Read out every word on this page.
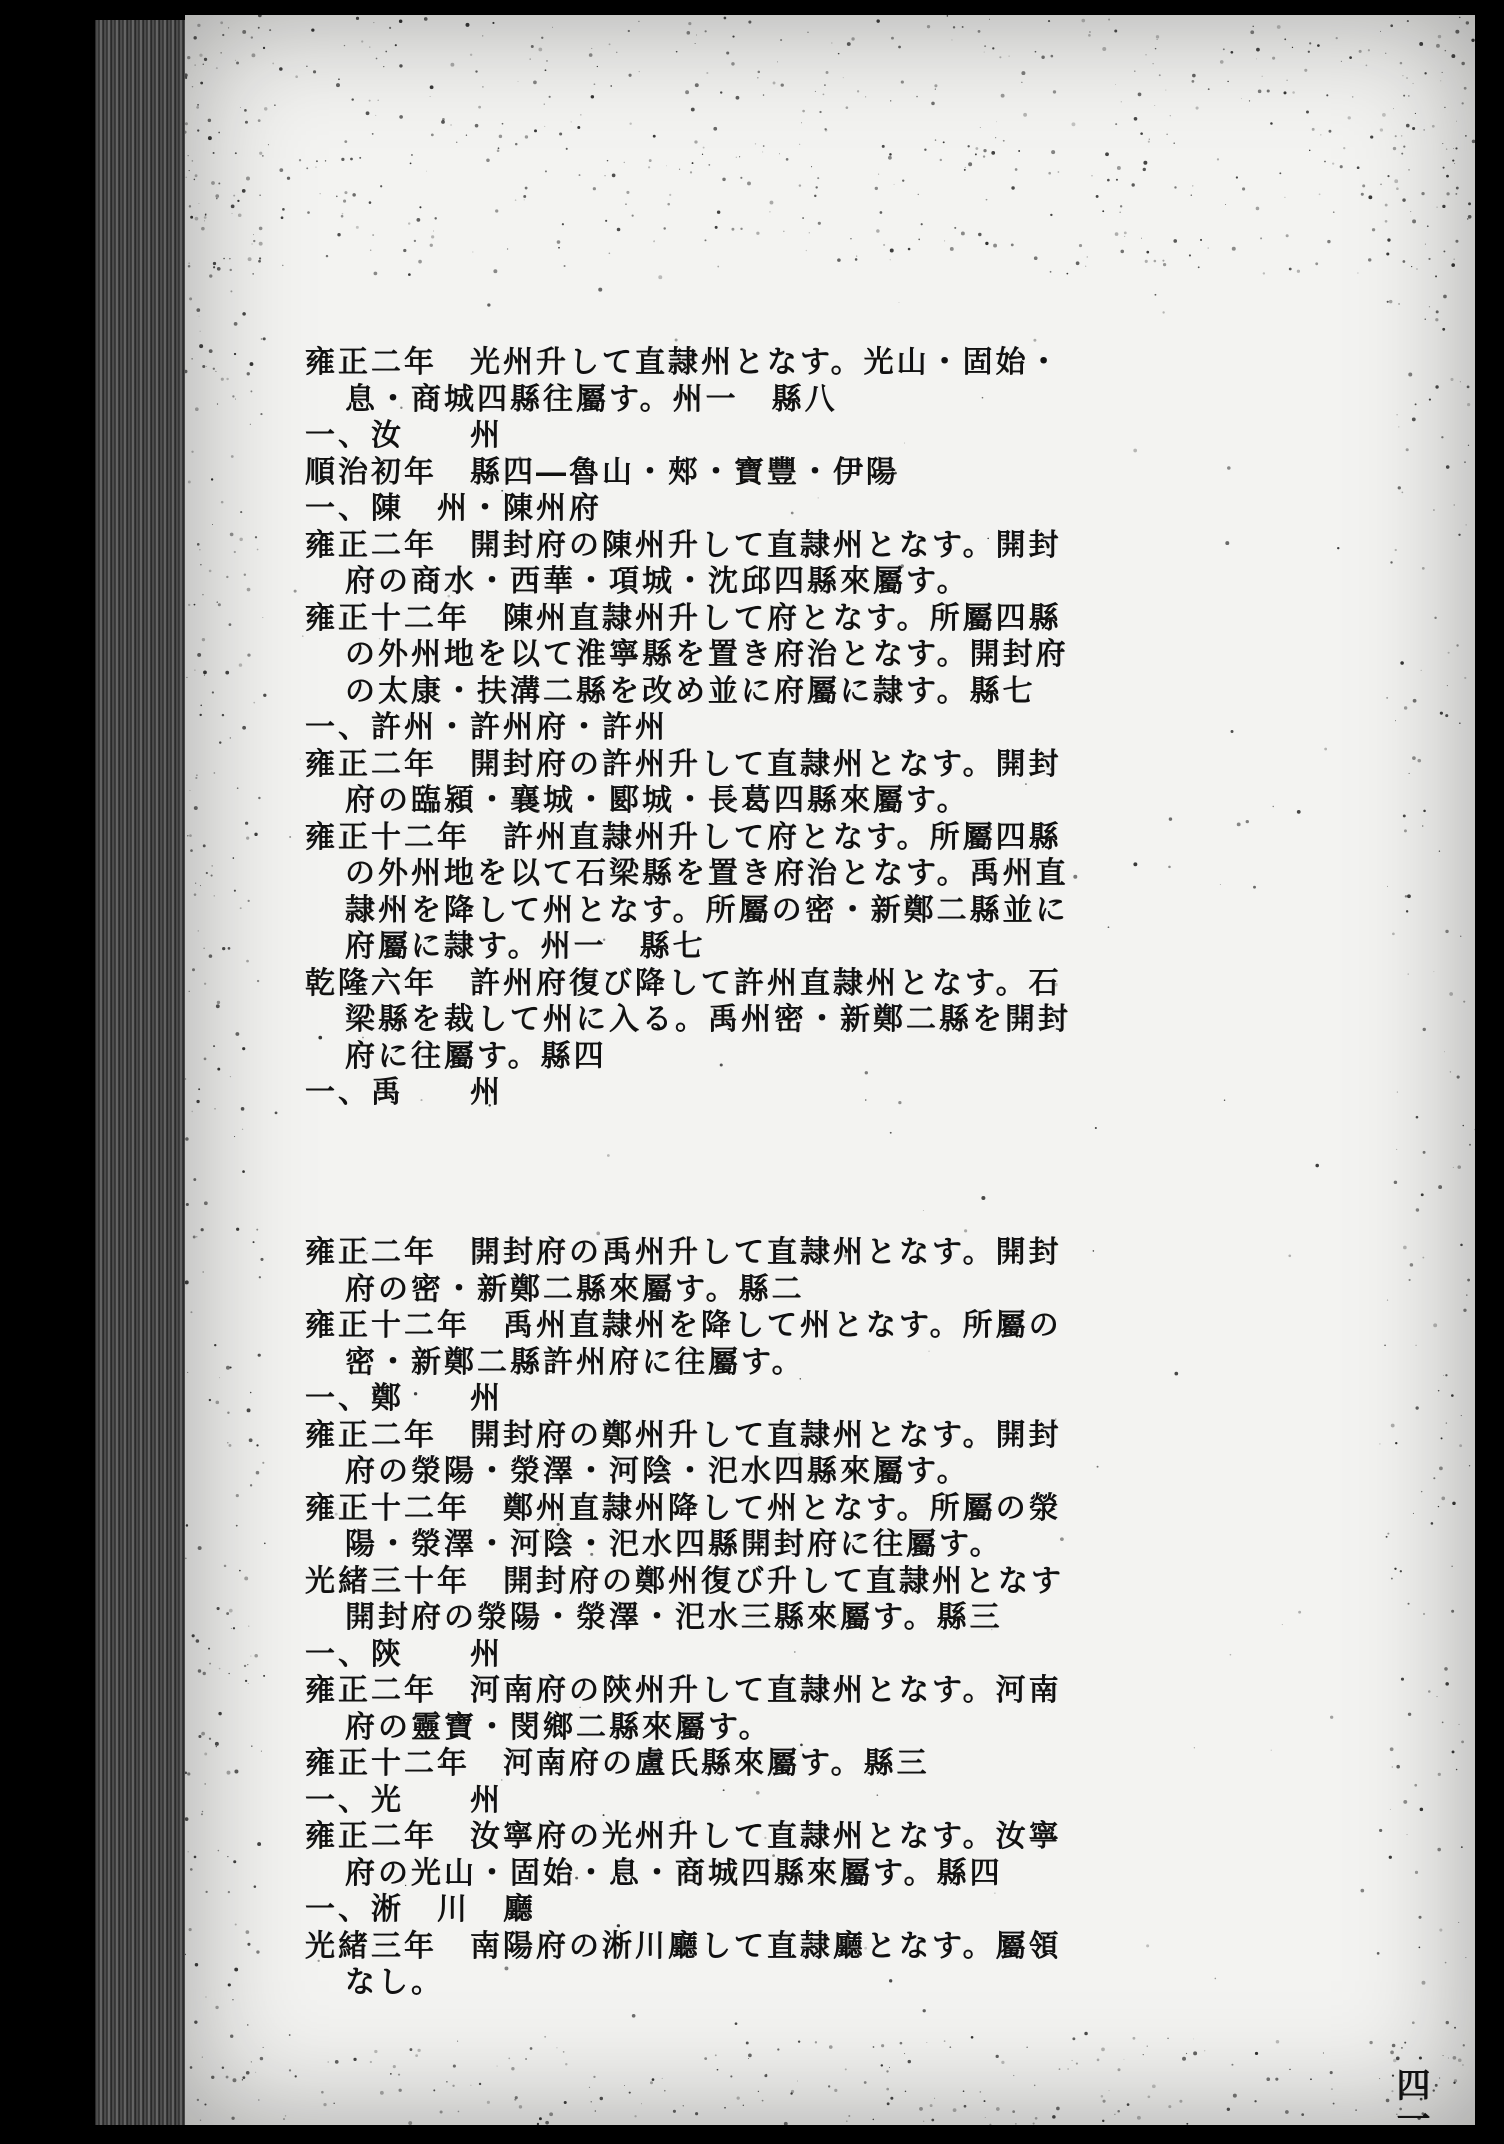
雍正二年　光州升して直隷州となす。光山・固始・
息・商城四縣往屬す。州一　縣八
一、汝　　州
順治初年　縣四―魯山・郟・寶豐・伊陽
一、陳　州・陳州府
雍正二年　開封府の陳州升して直隷州となす。開封
府の商水・西華・項城・沈邱四縣來屬す。
雍正十二年　陳州直隷州升して府となす。所屬四縣
の外州地を以て淮寧縣を置き府治となす。開封府
の太康・扶溝二縣を改め並に府屬に隷す。縣七
一、許州・許州府・許州
雍正二年　開封府の許州升して直隷州となす。開封
府の臨潁・襄城・郾城・長葛四縣來屬す。
雍正十二年　許州直隷州升して府となす。所屬四縣
の外州地を以て石梁縣を置き府治となす。禹州直
隷州を降して州となす。所屬の密・新鄭二縣並に
府屬に隷す。州一　縣七
乾隆六年　許州府復び降して許州直隷州となす。石
梁縣を裁して州に入る。禹州密・新鄭二縣を開封
府に往屬す。縣四
一、禹　　州
雍正二年　開封府の禹州升して直隷州となす。開封
府の密・新鄭二縣來屬す。縣二
雍正十二年　禹州直隷州を降して州となす。所屬の
密・新鄭二縣許州府に往屬す。
一、鄭　　州
雍正二年　開封府の鄭州升して直隷州となす。開封
府の滎陽・滎澤・河陰・汜水四縣來屬す。
雍正十二年　鄭州直隷州降して州となす。所屬の滎
陽・滎澤・河陰・汜水四縣開封府に往屬す。
光緒三十年　開封府の鄭州復び升して直隷州となす
開封府の滎陽・滎澤・汜水三縣來屬す。縣三
一、陝　　州
雍正二年　河南府の陝州升して直隷州となす。河南
府の靈寶・閔鄉二縣來屬す。
雍正十二年　河南府の盧氏縣來屬す。縣三
一、光　　州
雍正二年　汝寧府の光州升して直隷州となす。汝寧
府の光山・固始・息・商城四縣來屬す。縣四
一、淅　川　廳
光緒三年　南陽府の淅川廳して直隷廳となす。屬領
なし。
四一
